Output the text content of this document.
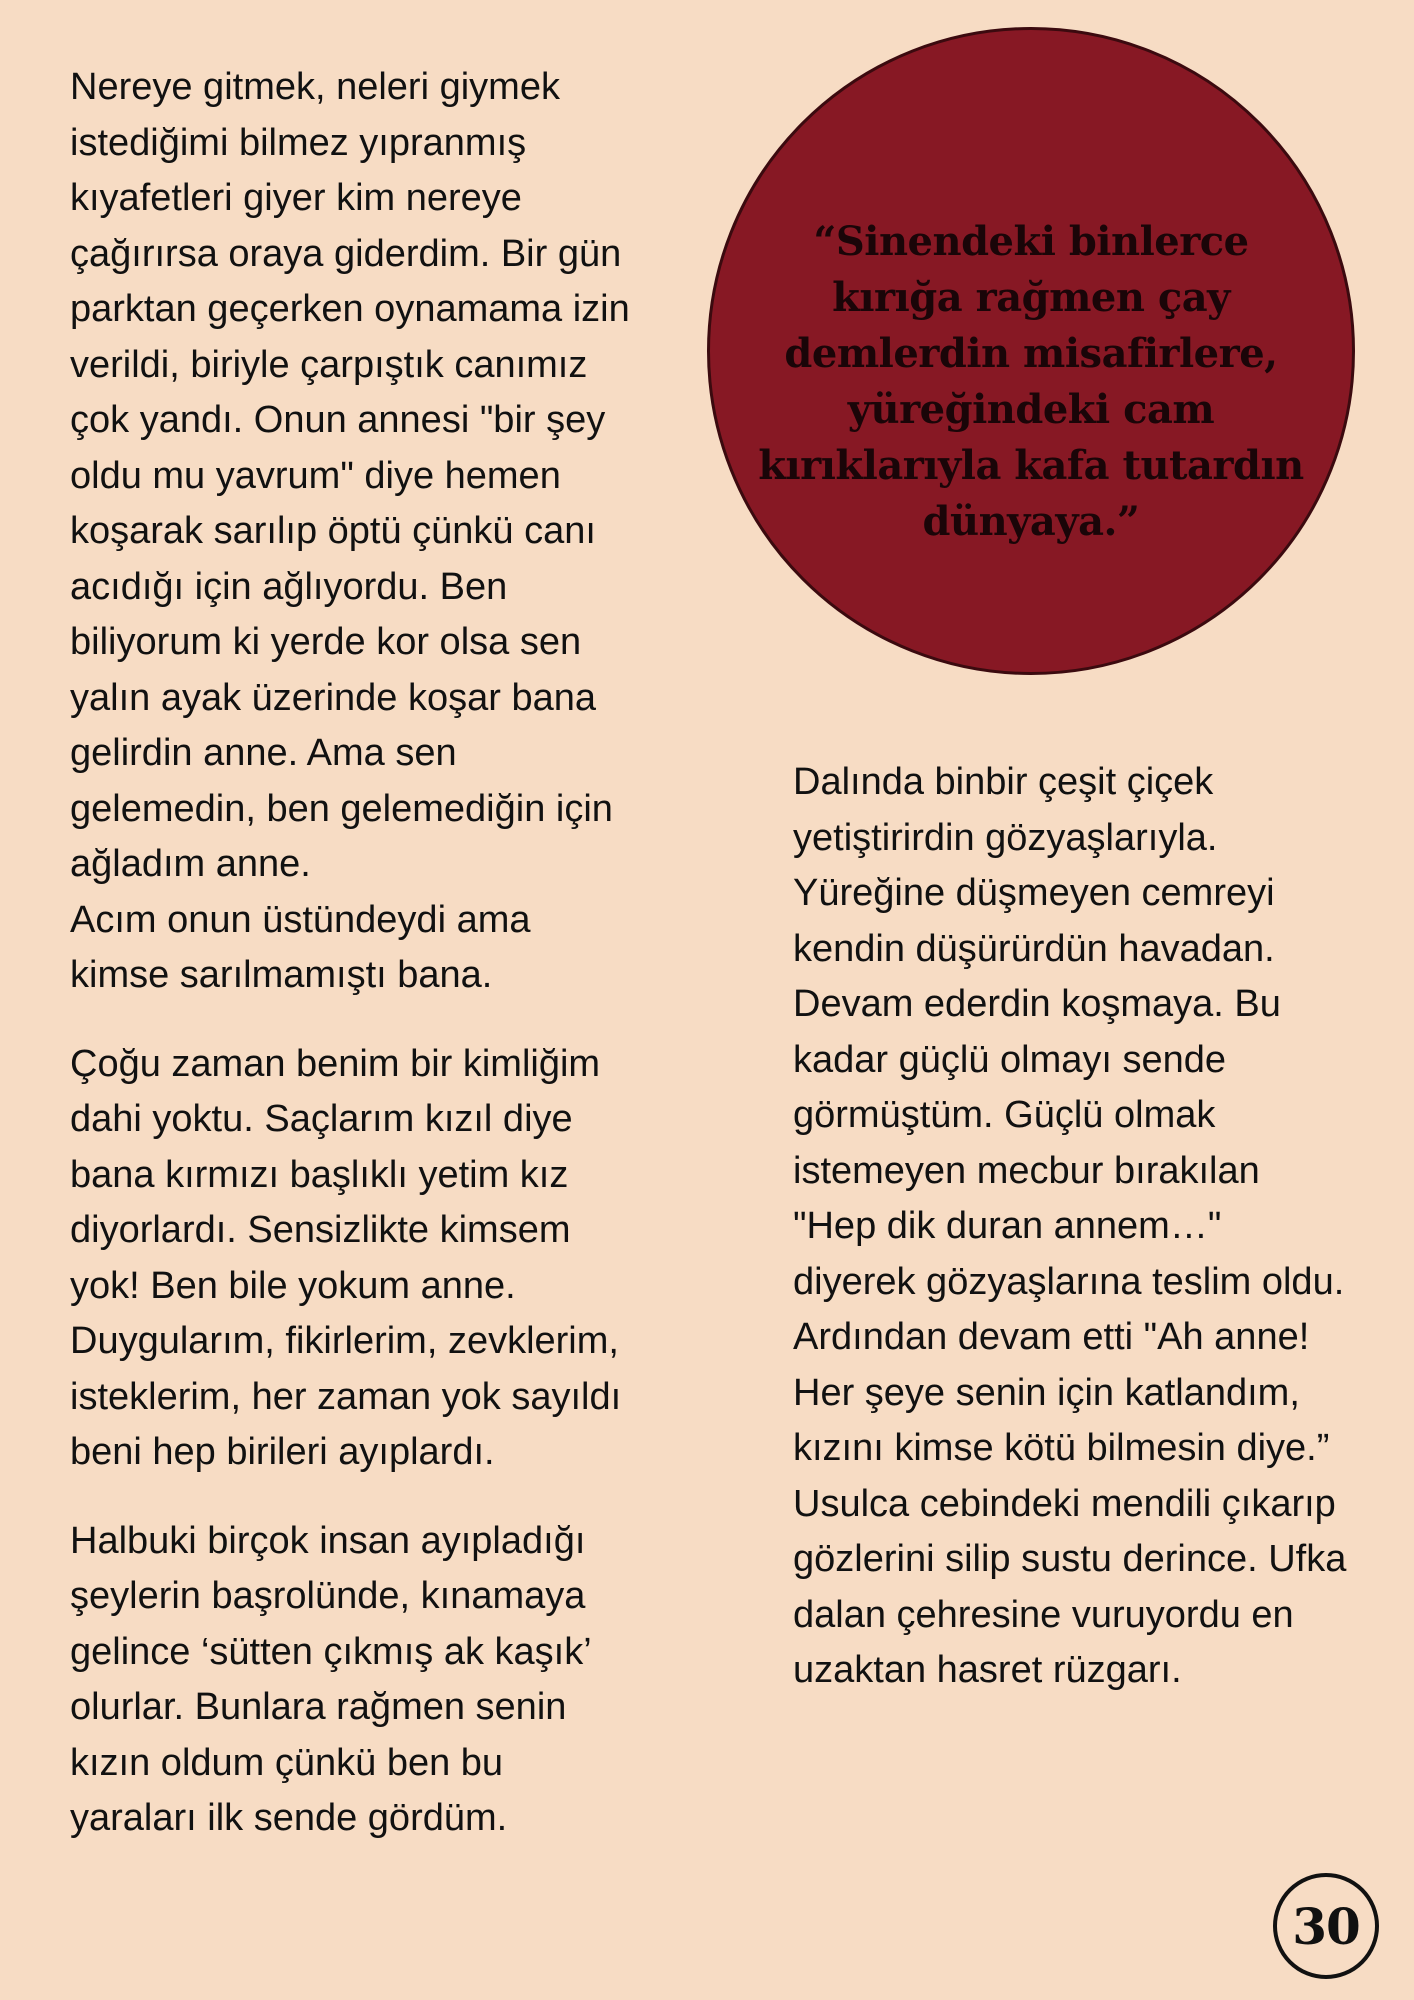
Nereye gitmek, neleri giymek istediğimi bilmez yıpranmış kıyafetleri giyer kim nereye çağırırsa oraya giderdim. Bir gün parktan geçerken oynamama izin verildi, biriyle çarpıştık canımız çok yandı. Onun annesi "bir şey oldu mu yavrum" diye hemen koşarak sarılıp öptü çünkü canı acıdığı için ağlıyordu. Ben biliyorum ki yerde kor olsa sen yalın ayak üzerinde koşar bana gelirdin anne. Ama sen gelemedin, ben gelemediğin için ağladım anne.
Acım onun üstündeydi ama kimse sarılmamıştı bana.

Çoğu zaman benim bir kimliğim dahi yoktu. Saçlarım kızıl diye bana kırmızı başlıklı yetim kız diyorlardı. Sensizlikte kimsem yok! Ben bile yokum anne. Duygularım, fikirlerim, zevklerim, isteklerim, her zaman yok sayıldı beni hep birileri ayıplardı.

Halbuki birçok insan ayıpladığı şeylerin başrolünde, kınamaya gelince ‘sütten çıkmış ak kaşık’ olurlar. Bunlara rağmen senin kızın oldum çünkü ben bu yaraları ilk sende gördüm.

“Sinendeki binlerce kırığa rağmen çay demlerdin misafirlere, yüreğindeki cam kırıklarıyla kafa tutardın dünyaya.”

Dalında binbir çeşit çiçek yetiştirirdin gözyaşlarıyla. Yüreğine düşmeyen cemreyi kendin düşürürdün havadan. Devam ederdin koşmaya. Bu kadar güçlü olmayı sende görmüştüm. Güçlü olmak istemeyen mecbur bırakılan "Hep dik duran annem…" diyerek gözyaşlarına teslim oldu. Ardından devam etti "Ah anne! Her şeye senin için katlandım, kızını kimse kötü bilmesin diye.”
Usulca cebindeki mendili çıkarıp gözlerini silip sustu derince. Ufka dalan çehresine vuruyordu en uzaktan hasret rüzgarı.

30
